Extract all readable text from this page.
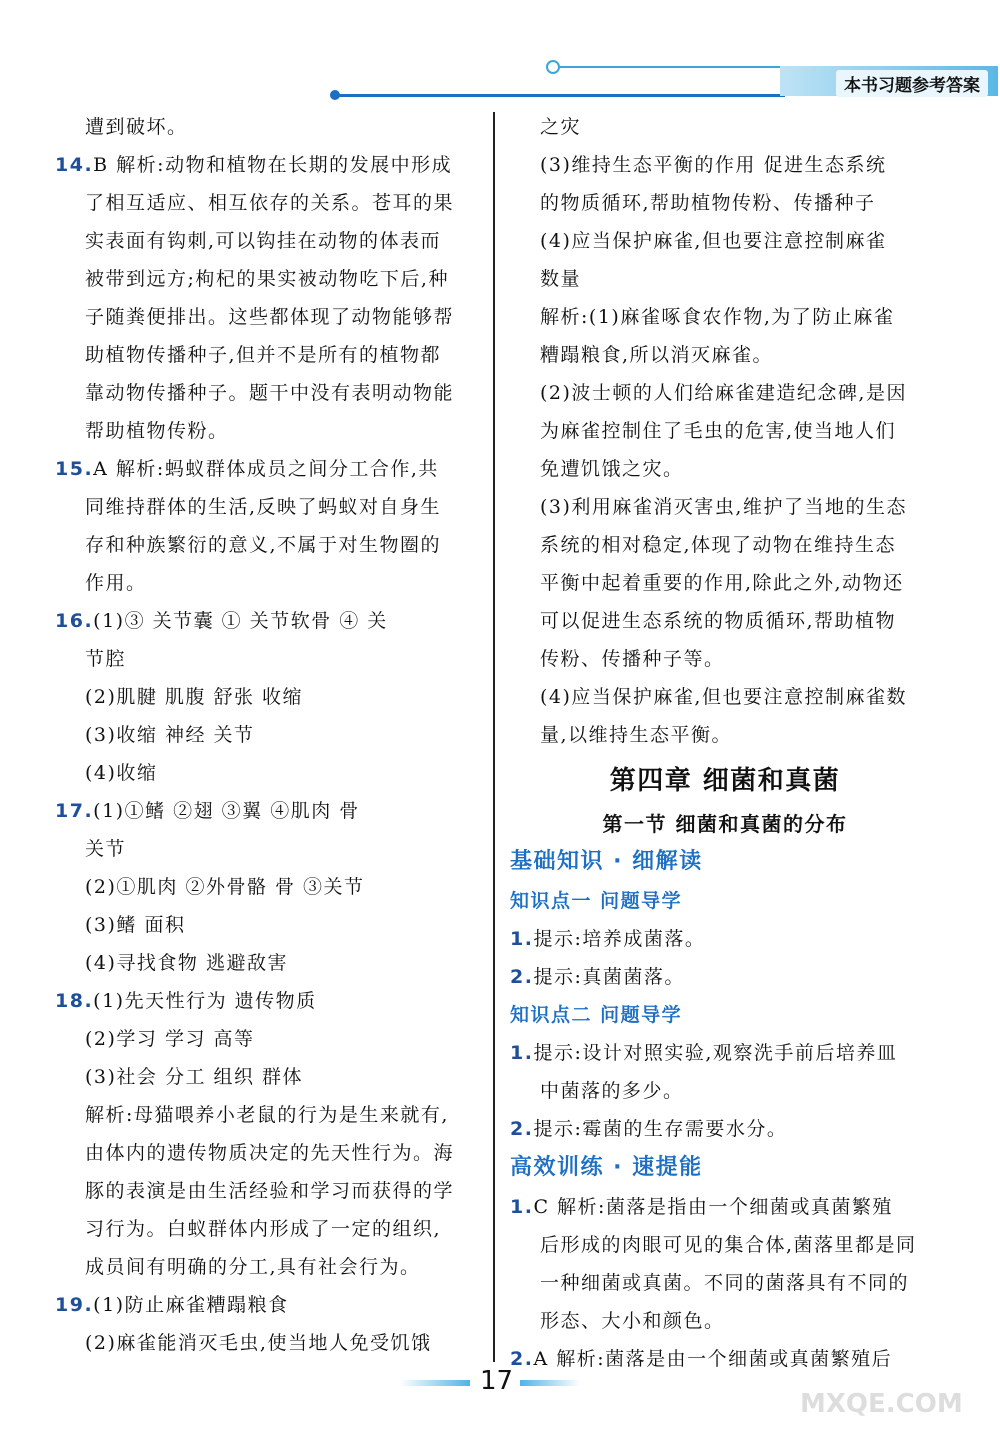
本书习题参考答案
遭到破坏。
14.B 解析:动物和植物在长期的发展中形成
了相互适应、相互依存的关系。苍耳的果
实表面有钩刺,可以钩挂在动物的体表而
被带到远方;枸杞的果实被动物吃下后,种
子随粪便排出。这些都体现了动物能够帮
助植物传播种子,但并不是所有的植物都
靠动物传播种子。题干中没有表明动物能
帮助植物传粉。
15.A 解析:蚂蚁群体成员之间分工合作,共
同维持群体的生活,反映了蚂蚁对自身生
存和种族繁衍的意义,不属于对生物圈的
作用。
16.(1)③ 关节囊 ① 关节软骨 ④ 关
节腔
(2)肌腱 肌腹 舒张 收缩
(3)收缩 神经 关节
(4)收缩
17.(1)①鳍 ②翅 ③翼 ④肌肉 骨
关节
(2)①肌肉 ②外骨骼 骨 ③关节
(3)鳍 面积
(4)寻找食物 逃避敌害
18.(1)先天性行为 遗传物质
(2)学习 学习 高等
(3)社会 分工 组织 群体
解析:母猫喂养小老鼠的行为是生来就有,
由体内的遗传物质决定的先天性行为。海
豚的表演是由生活经验和学习而获得的学
习行为。白蚁群体内形成了一定的组织,
成员间有明确的分工,具有社会行为。
19.(1)防止麻雀糟蹋粮食
(2)麻雀能消灭毛虫,使当地人免受饥饿
之灾
(3)维持生态平衡的作用 促进生态系统
的物质循环,帮助植物传粉、传播种子
(4)应当保护麻雀,但也要注意控制麻雀
数量
解析:(1)麻雀啄食农作物,为了防止麻雀
糟蹋粮食,所以消灭麻雀。
(2)波士顿的人们给麻雀建造纪念碑,是因
为麻雀控制住了毛虫的危害,使当地人们
免遭饥饿之灾。
(3)利用麻雀消灭害虫,维护了当地的生态
系统的相对稳定,体现了动物在维持生态
平衡中起着重要的作用,除此之外,动物还
可以促进生态系统的物质循环,帮助植物
传粉、传播种子等。
(4)应当保护麻雀,但也要注意控制麻雀数
量,以维持生态平衡。
第四章 细菌和真菌
第一节 细菌和真菌的分布
基础知识 · 细解读
知识点一 问题导学
1.提示:培养成菌落。
2.提示:真菌菌落。
知识点二 问题导学
1.提示:设计对照实验,观察洗手前后培养皿
中菌落的多少。
2.提示:霉菌的生存需要水分。
高效训练 · 速提能
1.C 解析:菌落是指由一个细菌或真菌繁殖
后形成的肉眼可见的集合体,菌落里都是同
一种细菌或真菌。不同的菌落具有不同的
形态、大小和颜色。
2.A 解析:菌落是由一个细菌或真菌繁殖后
17
MXQE.COM
